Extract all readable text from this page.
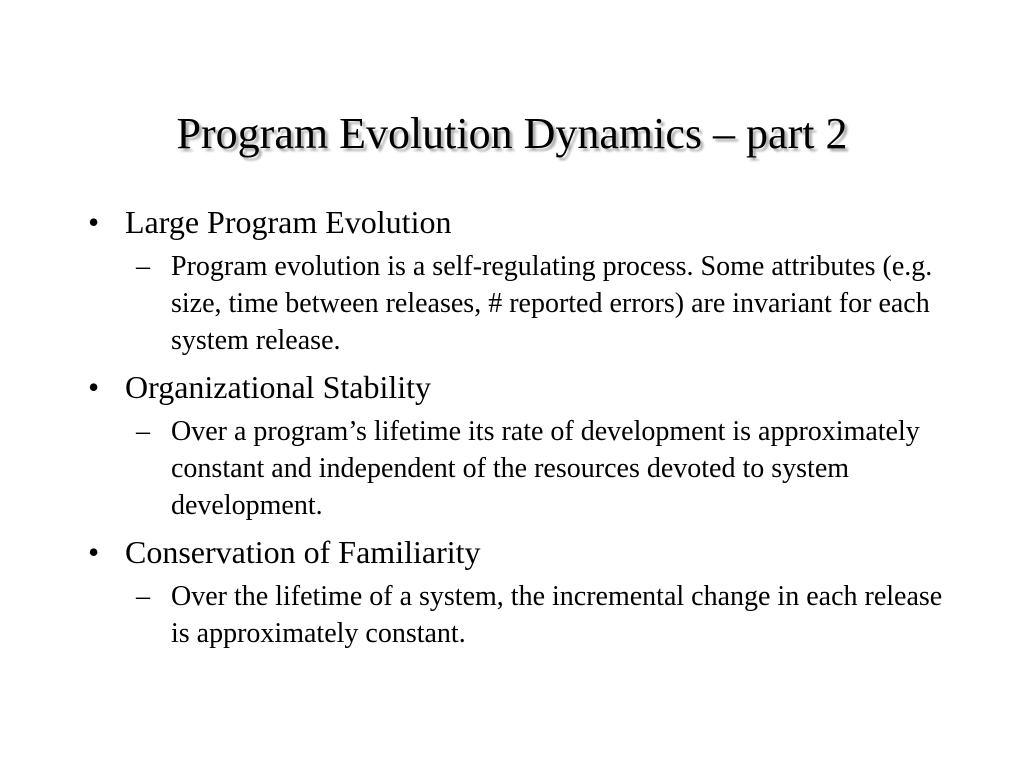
Program Evolution Dynamics – part 2
• Large Program Evolution
– Program evolution is a self-regulating process. Some attributes (e.g. size, time between releases, # reported errors) are invariant for each system release.
• Organizational Stability
– Over a program’s lifetime its rate of development is approximately constant and independent of the resources devoted to system development.
• Conservation of Familiarity
– Over the lifetime of a system, the incremental change in each release is approximately constant.
